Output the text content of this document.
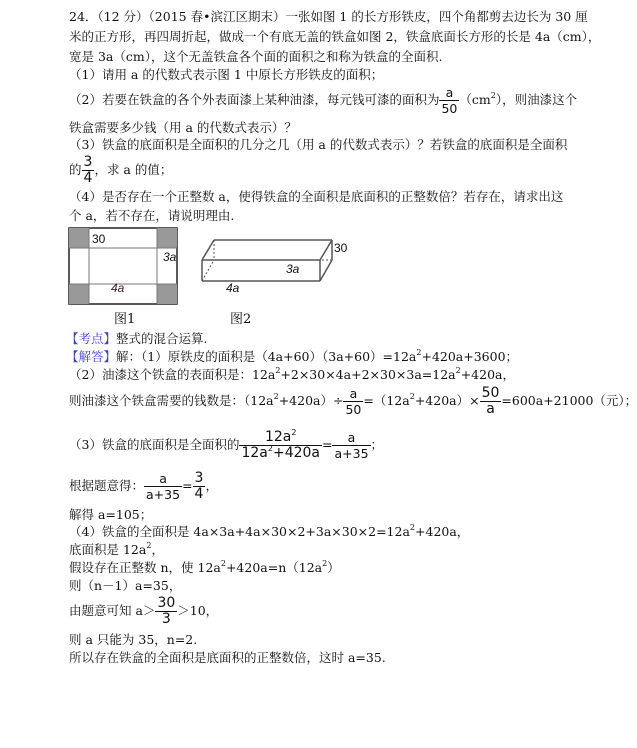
24．（12 分）（2015 春•滨江区期末）一张如图 1 的长方形铁皮，四个角都剪去边长为 30 厘
米的正方形，再四周折起，做成一个有底无盖的铁盒如图 2，铁盒底面长方形的长是 4a（cm），
宽是 3a（cm），这个无盖铁盒各个面的面积之和称为铁盒的全面积.
（1）请用 a 的代数式表示图 1 中原长方形铁皮的面积；
（2）若要在铁盒的各个外表面漆上某种油漆，每元钱可漆的面积为 $\frac{a}{50} (cm^2)$，则油漆这个
铁盒需要多少钱（用 a 的代数式表示）？
（3）铁盒的底面积是全面积的几分之几（用 a 的代数式表示）？若铁盒的底面积是全面积
的 $\frac{3}{4}$ ，求 a 的值；
（4）是否存在一个正整数 a，使得铁盒的全面积是底面积的正整数倍？若存在，请求出这
个 a，若不存在，请说明理由.
30
3a
4a
图1
30
3a
4a
图2
【考点】整式的混合运算.
【解答】解：（1）原铁皮的面积是$(4a+60)(3a+60)=12a^2+420a+3600$；
（2）油漆这个铁盒的表面积是：$12a^2+2\times 30\times 4a+2\times 30\times 3a=12a^2+420a$，
则油漆这个铁盒需要的钱数是：$(12a^2+420a)\div \frac{a}{50} =(12a^2+420a)\times \frac{50}{a} =600a+21000$（元）；
（3）铁盒的底面积是全面积的 $\frac{12a^2}{12a^2+420a} = \frac{a}{a+35}$ ；
根据题意得： $\frac{a}{a+35} = \frac{3}{4}$ ，
解得 a=105；
（4）铁盒的全面积是 $4a\times 3a+4a\times 30\times 2+3a\times 30\times 2=12a^2+420a$，
底面积是 $12a^2$，
假设存在正整数 n，使 $12a^2+420a=n(12a^2)$
则（n－1）a=35，
由题意可知 $a> \frac{30}{3} >10$，
则 a 只能为 35，n=2.
所以存在铁盒的全面积是底面积的正整数倍，这时 a=35.
